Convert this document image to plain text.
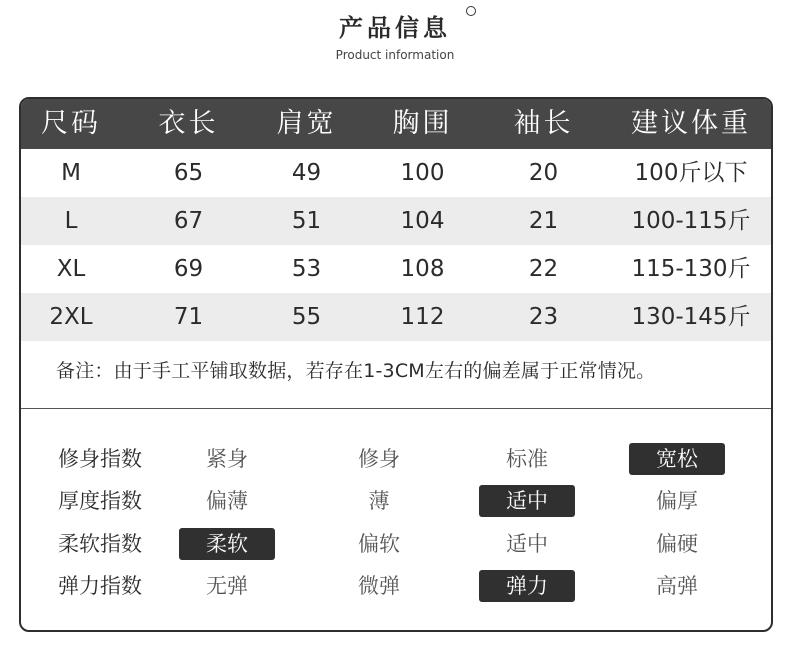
产品信息
Product information
尺码	衣长	肩宽	胸围	袖长	建议体重
M	65	49	100	20	100斤以下
L	67	51	104	21	100-115斤
XL	69	53	108	22	115-130斤
2XL	71	55	112	23	130-145斤
备注：由于手工平铺取数据，若存在1-3CM左右的偏差属于正常情况。
修身指数	紧身	修身	标准	宽松
厚度指数	偏薄	薄	适中	偏厚
柔软指数	柔软	偏软	适中	偏硬
弹力指数	无弹	微弹	弹力	高弹
